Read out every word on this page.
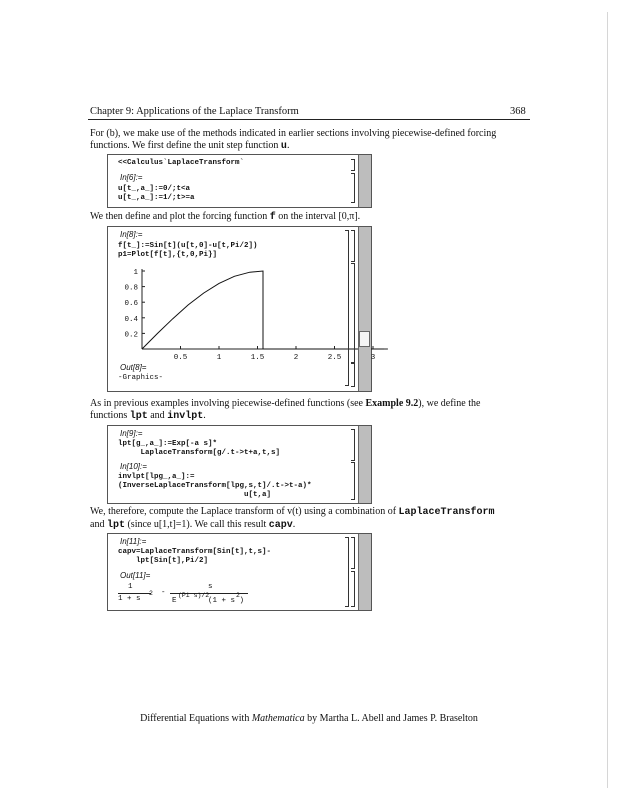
Chapter 9: Applications of the Laplace Transform	368
For (b), we make use of the methods indicated in earlier sections involving piecewise-defined forcing
functions. We first define the unit step function u.
<<Calculus`LaplaceTransform`
In[6]:=
u[t_,a_]:=0/;t<a
u[t_,a_]:=1/;t>=a
We then define and plot the forcing function f on the interval [0,π].
In[8]:=
f[t_]:=Sin[t](u[t,0]-u[t,Pi/2])
p1=Plot[f[t],{t,0,Pi}]
0.5	1	1.5	2	2.5	3
1
0.8
0.6
0.4
0.2
Out[8]=
-Graphics-
As in previous examples involving piecewise-defined functions (see Example 9.2), we define the
functions lpt and invlpt.
In[9]:=
lpt[g_,a_]:=Exp[-a s]*
LaplaceTransform[g/.t->t+a,t,s]
In[10]:=
invlpt[lpg_,a_]:=
(InverseLaplaceTransform[lpg,s,t]/.t->t-a)*
u[t,a]
We, therefore, compute the Laplace transform of v(t) using a combination of LaplaceTransform
and lpt (since u[1,t]=1). We call this result capv.
In[11]:=
capv=LaplaceTransform[Sin[t],t,s]-
lpt[Sin[t],Pi/2]
Out[11]=
1
1 + s
2 -
s
E
(Pi s)/2
(1 + s )
2
Differential Equations with Mathematica by Martha L. Abell and James P. Braselton
